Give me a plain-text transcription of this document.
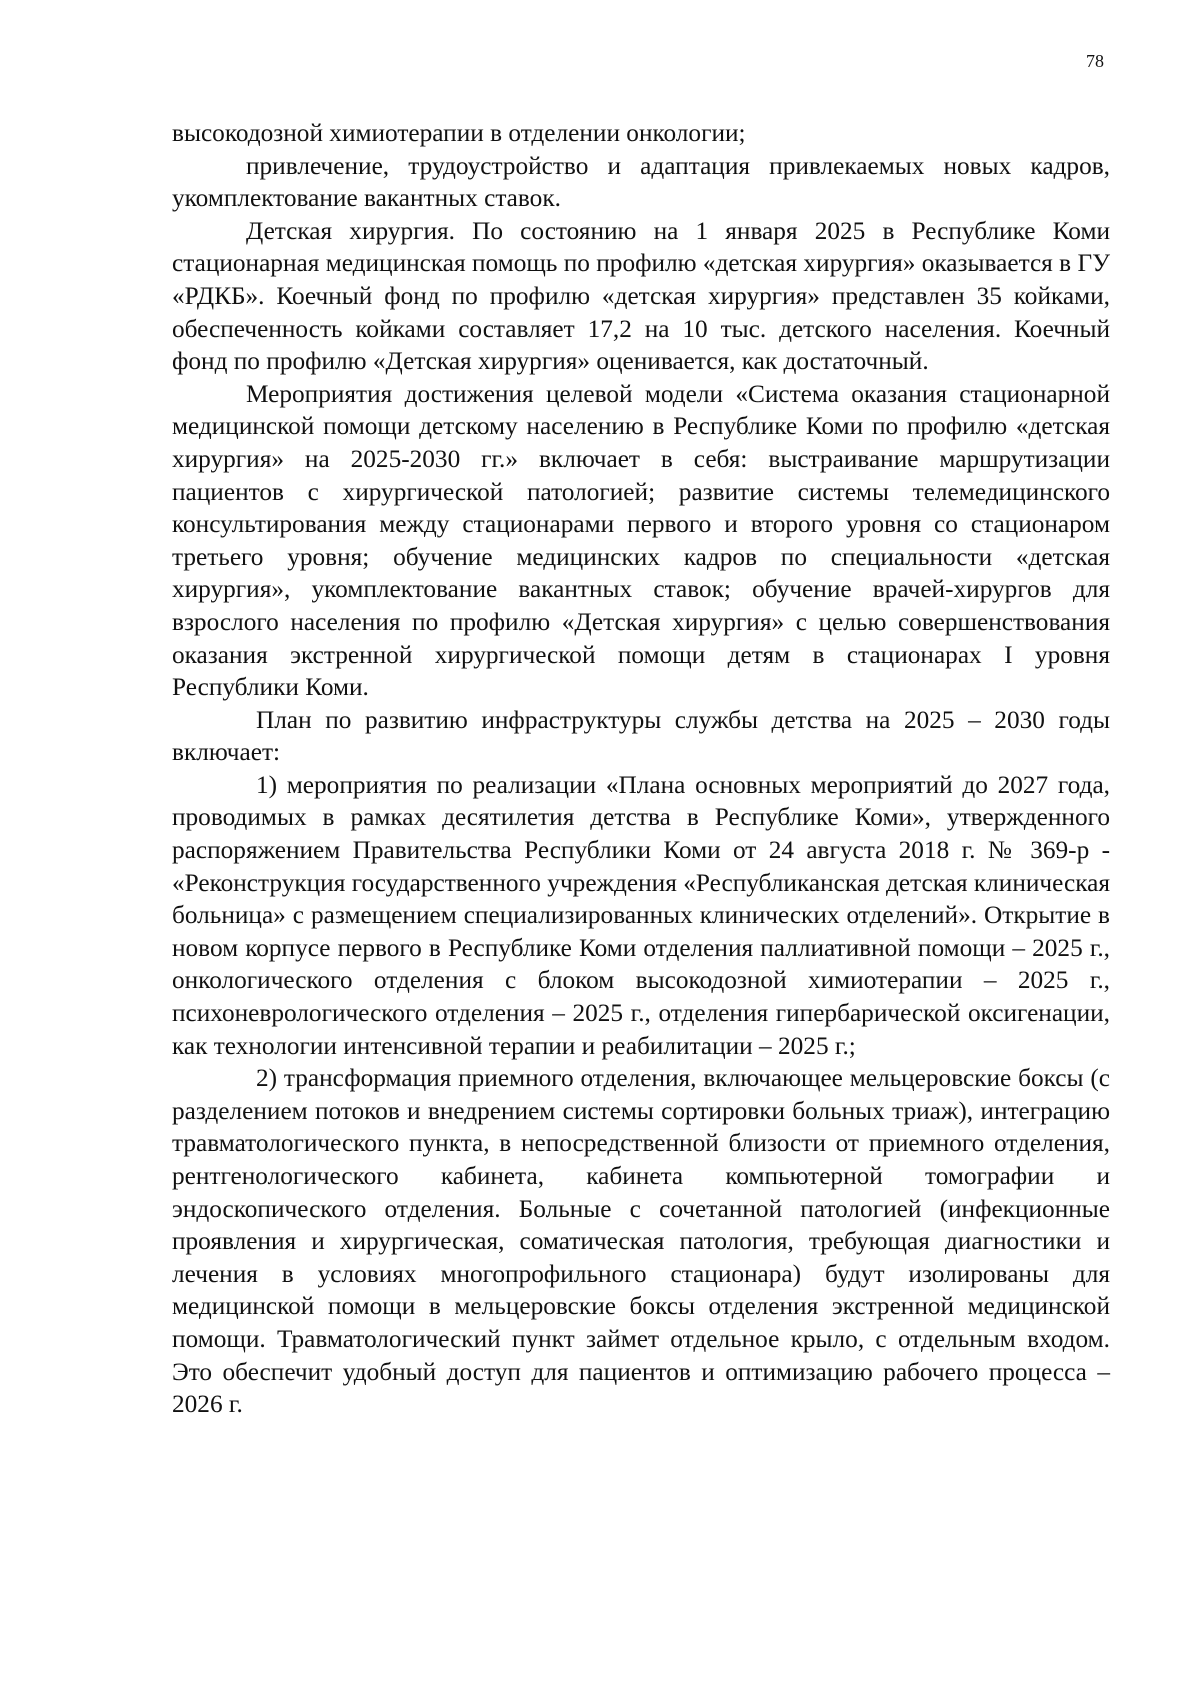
78

высокодозной химиотерапии в отделении онкологии;

привлечение, трудоустройство и адаптация привлекаемых новых кадров, укомплектование вакантных ставок.

Детская хирургия. По состоянию на 1 января 2025 в Республике Коми стационарная медицинская помощь по профилю «детская хирургия» оказывается в ГУ «РДКБ». Коечный фонд по профилю «детская хирургия» представлен 35 койками, обеспеченность койками составляет 17,2 на 10 тыс. детского населения. Коечный фонд по профилю «Детская хирургия» оценивается, как достаточный.

Мероприятия достижения целевой модели «Система оказания стационарной медицинской помощи детскому населению в Республике Коми по профилю «детская хирургия» на 2025-2030 гг.» включает в себя: выстраивание маршрутизации пациентов с хирургической патологией; развитие системы телемедицинского консультирования между стационарами первого и второго уровня со стационаром третьего уровня; обучение медицинских кадров по специальности «детская хирургия», укомплектование вакантных ставок; обучение врачей-хирургов для взрослого населения по профилю «Детская хирургия» с целью совершенствования оказания экстренной хирургической помощи детям в стационарах I уровня Республики Коми.

План по развитию инфраструктуры службы детства на 2025 – 2030 годы включает:

1) мероприятия по реализации «Плана основных мероприятий до 2027 года, проводимых в рамках десятилетия детства в Республике Коми», утвержденного распоряжением Правительства Республики Коми от 24 августа 2018 г. № 369-р - «Реконструкция государственного учреждения «Республиканская детская клиническая больница» с размещением специализированных клинических отделений». Открытие в новом корпусе первого в Республике Коми отделения паллиативной помощи – 2025 г., онкологического отделения с блоком высокодозной химиотерапии – 2025 г., психоневрологического отделения – 2025 г., отделения гипербарической оксигенации, как технологии интенсивной терапии и реабилитации – 2025 г.;

2) трансформация приемного отделения, включающее мельцеровские боксы (с разделением потоков и внедрением системы сортировки больных триаж), интеграцию травматологического пункта, в непосредственной близости от приемного отделения, рентгенологического кабинета, кабинета компьютерной томографии и эндоскопического отделения. Больные с сочетанной патологией (инфекционные проявления и хирургическая, соматическая патология, требующая диагностики и лечения в условиях многопрофильного стационара) будут изолированы для медицинской помощи в мельцеровские боксы отделения экстренной медицинской помощи. Травматологический пункт займет отдельное крыло, с отдельным входом. Это обеспечит удобный доступ для пациентов и оптимизацию рабочего процесса – 2026 г.
